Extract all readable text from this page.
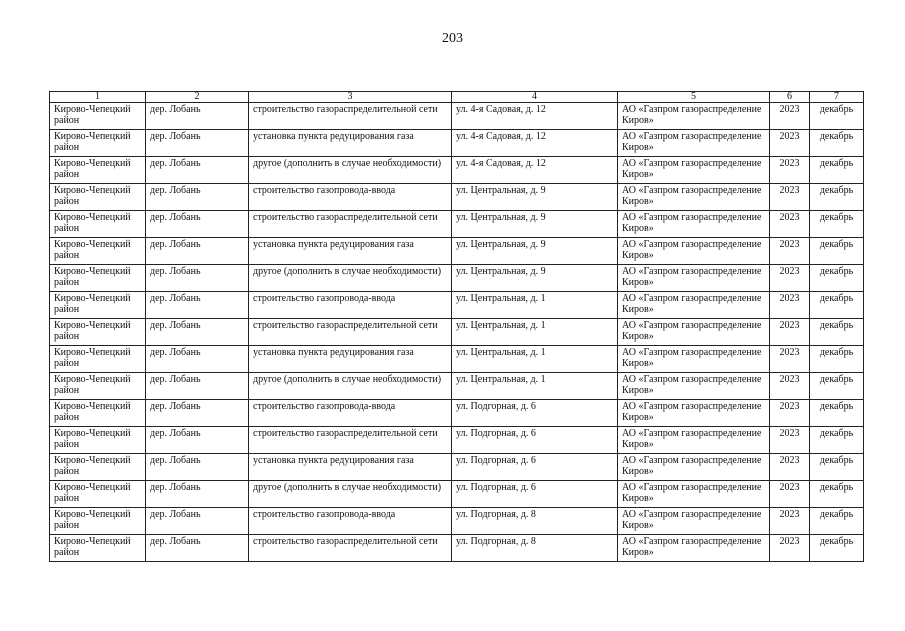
203
1	2	3	4	5	6	7
Кирово-Чепецкий район	дер. Лобань	строительство газораспределительной сети	ул. 4-я Садовая, д. 12	АО «Газпром газораспределение Киров»	2023	декабрь
Кирово-Чепецкий район	дер. Лобань	установка пункта редуцирования газа	ул. 4-я Садовая, д. 12	АО «Газпром газораспределение Киров»	2023	декабрь
Кирово-Чепецкий район	дер. Лобань	другое (дополнить в случае необходимости)	ул. 4-я Садовая, д. 12	АО «Газпром газораспределение Киров»	2023	декабрь
Кирово-Чепецкий район	дер. Лобань	строительство газопровода-ввода	ул. Центральная, д. 9	АО «Газпром газораспределение Киров»	2023	декабрь
Кирово-Чепецкий район	дер. Лобань	строительство газораспределительной сети	ул. Центральная, д. 9	АО «Газпром газораспределение Киров»	2023	декабрь
Кирово-Чепецкий район	дер. Лобань	установка пункта редуцирования газа	ул. Центральная, д. 9	АО «Газпром газораспределение Киров»	2023	декабрь
Кирово-Чепецкий район	дер. Лобань	другое (дополнить в случае необходимости)	ул. Центральная, д. 9	АО «Газпром газораспределение Киров»	2023	декабрь
Кирово-Чепецкий район	дер. Лобань	строительство газопровода-ввода	ул. Центральная, д. 1	АО «Газпром газораспределение Киров»	2023	декабрь
Кирово-Чепецкий район	дер. Лобань	строительство газораспределительной сети	ул. Центральная, д. 1	АО «Газпром газораспределение Киров»	2023	декабрь
Кирово-Чепецкий район	дер. Лобань	установка пункта редуцирования газа	ул. Центральная, д. 1	АО «Газпром газораспределение Киров»	2023	декабрь
Кирово-Чепецкий район	дер. Лобань	другое (дополнить в случае необходимости)	ул. Центральная, д. 1	АО «Газпром газораспределение Киров»	2023	декабрь
Кирово-Чепецкий район	дер. Лобань	строительство газопровода-ввода	ул. Подгорная, д. 6	АО «Газпром газораспределение Киров»	2023	декабрь
Кирово-Чепецкий район	дер. Лобань	строительство газораспределительной сети	ул. Подгорная, д. 6	АО «Газпром газораспределение Киров»	2023	декабрь
Кирово-Чепецкий район	дер. Лобань	установка пункта редуцирования газа	ул. Подгорная, д. 6	АО «Газпром газораспределение Киров»	2023	декабрь
Кирово-Чепецкий район	дер. Лобань	другое (дополнить в случае необходимости)	ул. Подгорная, д. 6	АО «Газпром газораспределение Киров»	2023	декабрь
Кирово-Чепецкий район	дер. Лобань	строительство газопровода-ввода	ул. Подгорная, д. 8	АО «Газпром газораспределение Киров»	2023	декабрь
Кирово-Чепецкий район	дер. Лобань	строительство газораспределительной сети	ул. Подгорная, д. 8	АО «Газпром газораспределение Киров»	2023	декабрь
